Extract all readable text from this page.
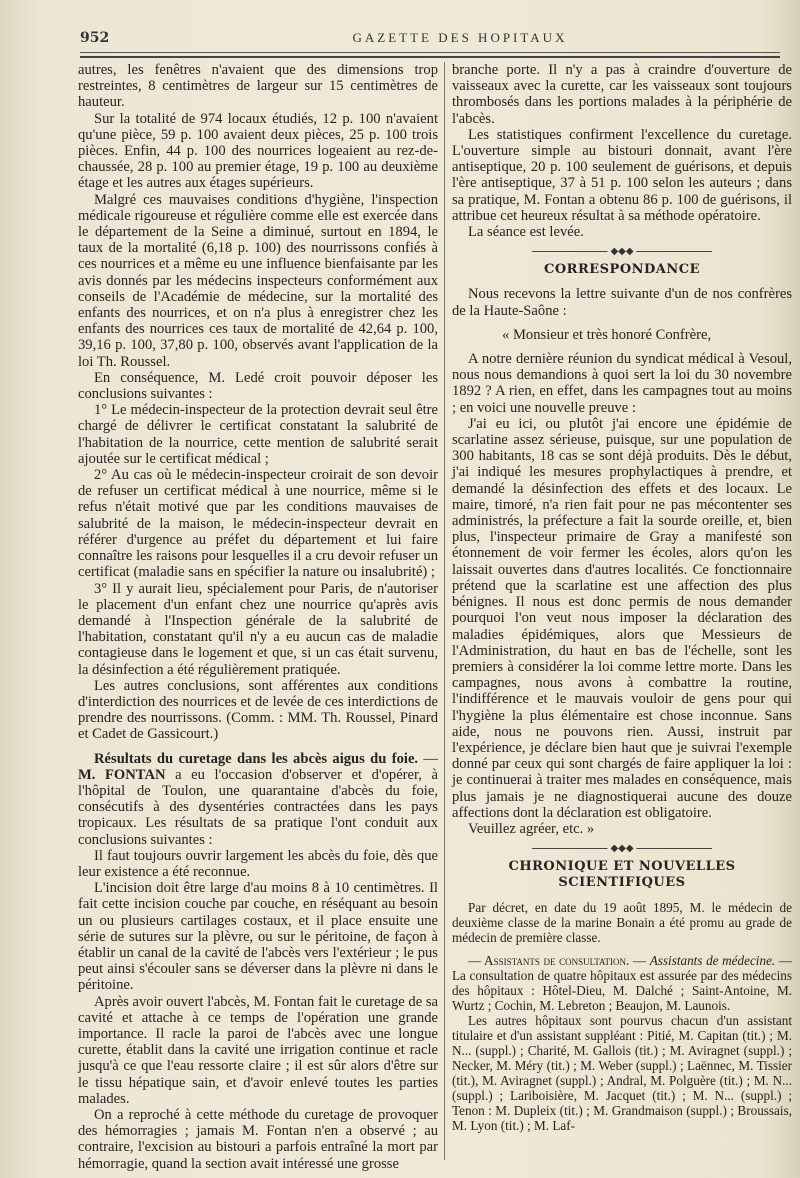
952	GAZETTE DES HOPITAUX

autres, les fenêtres n'avaient que des dimensions trop restreintes, 8 centimètres de largeur sur 15 centimètres de hauteur.

Sur la totalité de 974 locaux étudiés, 12 p. 100 n'avaient qu'une pièce, 59 p. 100 avaient deux pièces, 25 p. 100 trois pièces. Enfin, 44 p. 100 des nourrices logeaient au rez-de-chaussée, 28 p. 100 au premier étage, 19 p. 100 au deuxième étage et les autres aux étages supérieurs.

Malgré ces mauvaises conditions d'hygiène, l'inspection médicale rigoureuse et régulière comme elle est exercée dans le département de la Seine a diminué, surtout en 1894, le taux de la mortalité (6,18 p. 100) des nourrissons confiés à ces nourrices et a même eu une influence bienfaisante par les avis donnés par les médecins inspecteurs conformément aux conseils de l'Académie de médecine, sur la mortalité des enfants des nourrices, et on n'a plus à enregistrer chez les enfants des nourrices ces taux de mortalité de 42,64 p. 100, 39,16 p. 100, 37,80 p. 100, observés avant l'application de la loi Th. Roussel.

En conséquence, M. Ledé croit pouvoir déposer les conclusions suivantes :

1° Le médecin-inspecteur de la protection devrait seul être chargé de délivrer le certificat constatant la salubrité de l'habitation de la nourrice, cette mention de salubrité serait ajoutée sur le certificat médical ;

2° Au cas où le médecin-inspecteur croirait de son devoir de refuser un certificat médical à une nourrice, même si le refus n'était motivé que par les conditions mauvaises de salubrité de la maison, le médecin-inspecteur devrait en référer d'urgence au préfet du département et lui faire connaître les raisons pour lesquelles il a cru devoir refuser un certificat (maladie sans en spécifier la nature ou insalubrité) ;

3° Il y aurait lieu, spécialement pour Paris, de n'autoriser le placement d'un enfant chez une nourrice qu'après avis demandé à l'Inspection générale de la salubrité de l'habitation, constatant qu'il n'y a eu aucun cas de maladie contagieuse dans le logement et que, si un cas était survenu, la désinfection a été régulièrement pratiquée.

Les autres conclusions, sont afférentes aux conditions d'interdiction des nourrices et de levée de ces interdictions de prendre des nourrissons. (Comm. : MM. Th. Roussel, Pinard et Cadet de Gassicourt.)

Résultats du curetage dans les abcès aigus du foie. — M. FONTAN a eu l'occasion d'observer et d'opérer, à l'hôpital de Toulon, une quarantaine d'abcès du foie, consécutifs à des dysentéries contractées dans les pays tropicaux. Les résultats de sa pratique l'ont conduit aux conclusions suivantes :

Il faut toujours ouvrir largement les abcès du foie, dès que leur existence a été reconnue.

L'incision doit être large d'au moins 8 à 10 centimètres. Il fait cette incision couche par couche, en réséquant au besoin un ou plusieurs cartilages costaux, et il place ensuite une série de sutures sur la plèvre, ou sur le péritoine, de façon à établir un canal de la cavité de l'abcès vers l'extérieur ; le pus peut ainsi s'écouler sans se déverser dans la plèvre ni dans le péritoine.

Après avoir ouvert l'abcès, M. Fontan fait le curetage de sa cavité et attache à ce temps de l'opération une grande importance. Il racle la paroi de l'abcès avec une longue curette, établit dans la cavité une irrigation continue et racle jusqu'à ce que l'eau ressorte claire ; il est sûr alors d'être sur le tissu hépatique sain, et d'avoir enlevé toutes les parties malades.

On a reproché à cette méthode du curetage de provoquer des hémorragies ; jamais M. Fontan n'en a observé ; au contraire, l'excision au bistouri a parfois entraîné la mort par hémorragie, quand la section avait intéressé une grosse

branche porte. Il n'y a pas à craindre d'ouverture de vaisseaux avec la curette, car les vaisseaux sont toujours thrombosés dans les portions malades à la périphérie de l'abcès.

Les statistiques confirment l'excellence du curetage. L'ouverture simple au bistouri donnait, avant l'ère antiseptique, 20 p. 100 seulement de guérisons, et depuis l'ère antiseptique, 37 à 51 p. 100 selon les auteurs ; dans sa pratique, M. Fontan a obtenu 86 p. 100 de guérisons, il attribue cet heureux résultat à sa méthode opératoire.

La séance est levée.

◆◆◆

CORRESPONDANCE

Nous recevons la lettre suivante d'un de nos confrères de la Haute-Saône :

« Monsieur et très honoré Confrère,

A notre dernière réunion du syndicat médical à Vesoul, nous nous demandions à quoi sert la loi du 30 novembre 1892 ? A rien, en effet, dans les campagnes tout au moins ; en voici une nouvelle preuve :

J'ai eu ici, ou plutôt j'ai encore une épidémie de scarlatine assez sérieuse, puisque, sur une population de 300 habitants, 18 cas se sont déjà produits. Dès le début, j'ai indiqué les mesures prophylactiques à prendre, et demandé la désinfection des effets et des locaux. Le maire, timoré, n'a rien fait pour ne pas mécontenter ses administrés, la préfecture a fait la sourde oreille, et, bien plus, l'inspecteur primaire de Gray a manifesté son étonnement de voir fermer les écoles, alors qu'on les laissait ouvertes dans d'autres localités. Ce fonctionnaire prétend que la scarlatine est une affection des plus bénignes. Il nous est donc permis de nous demander pourquoi l'on veut nous imposer la déclaration des maladies épidémiques, alors que Messieurs de l'Administration, du haut en bas de l'échelle, sont les premiers à considérer la loi comme lettre morte. Dans les campagnes, nous avons à combattre la routine, l'indifférence et le mauvais vouloir de gens pour qui l'hygiène la plus élémentaire est chose inconnue. Sans aide, nous ne pouvons rien. Aussi, instruit par l'expérience, je déclare bien haut que je suivrai l'exemple donné par ceux qui sont chargés de faire appliquer la loi : je continuerai à traiter mes malades en conséquence, mais plus jamais je ne diagnostiquerai aucune des douze affections dont la déclaration est obligatoire.

Veuillez agréer, etc. »

◆◆◆

CHRONIQUE ET NOUVELLES SCIENTIFIQUES

Par décret, en date du 19 août 1895, M. le médecin de deuxième classe de la marine Bonain a été promu au grade de médecin de première classe.

— Assistants de consultation. — Assistants de médecine. — La consultation de quatre hôpitaux est assurée par des médecins des hôpitaux : Hôtel-Dieu, M. Dalché ; Saint-Antoine, M. Wurtz ; Cochin, M. Lebreton ; Beaujon, M. Launois.

Les autres hôpitaux sont pourvus chacun d'un assistant titulaire et d'un assistant suppléant : Pitié, M. Capitan (tit.) ; M. N... (suppl.) ; Charité, M. Gallois (tit.) ; M. Aviragnet (suppl.) ; Necker, M. Méry (tit.) ; M. Weber (suppl.) ; Laënnec, M. Tissier (tit.), M. Aviragnet (suppl.) ; Andral, M. Polguère (tit.) ; M. N... (suppl.) ; Lariboisière, M. Jacquet (tit.) ; M. N... (suppl.) ; Tenon : M. Dupleix (tit.) ; M. Grandmaison (suppl.) ; Broussais, M. Lyon (tit.) ; M. Laf-
